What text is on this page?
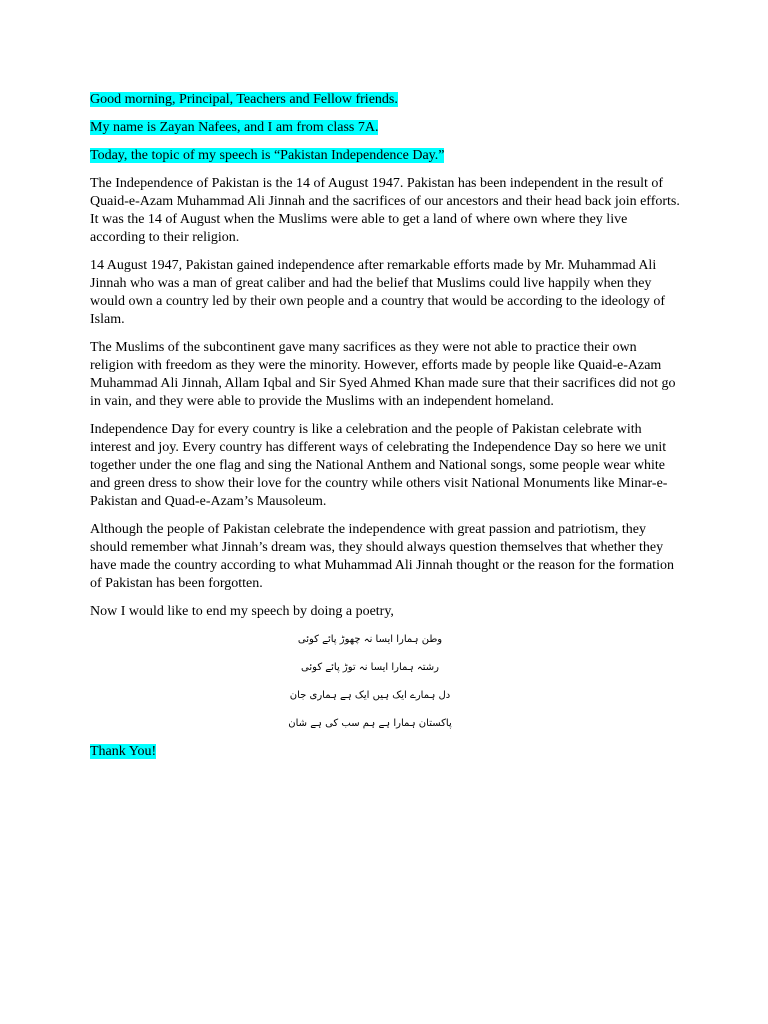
Good morning, Principal, Teachers and Fellow friends.

My name is Zayan Nafees, and I am from class 7A.

Today, the topic of my speech is “Pakistan Independence Day.”

The Independence of Pakistan is the 14 of August 1947. Pakistan has been independent in the result of Quaid-e-Azam Muhammad Ali Jinnah and the sacrifices of our ancestors and their head back join efforts. It was the 14 of August when the Muslims were able to get a land of where own where they live according to their religion.

14 August 1947, Pakistan gained independence after remarkable efforts made by Mr. Muhammad Ali Jinnah who was a man of great caliber and had the belief that Muslims could live happily when they would own a country led by their own people and a country that would be according to the ideology of Islam.

The Muslims of the subcontinent gave many sacrifices as they were not able to practice their own religion with freedom as they were the minority. However, efforts made by people like Quaid-e-Azam Muhammad Ali Jinnah, Allam Iqbal and Sir Syed Ahmed Khan made sure that their sacrifices did not go in vain, and they were able to provide the Muslims with an independent homeland.

Independence Day for every country is like a celebration and the people of Pakistan celebrate with interest and joy. Every country has different ways of celebrating the Independence Day so here we unit together under the one flag and sing the National Anthem and National songs, some people wear white and green dress to show their love for the country while others visit National Monuments like Minar-e-Pakistan and Quad-e-Azam’s Mausoleum.

Although the people of Pakistan celebrate the independence with great passion and patriotism, they should remember what Jinnah’s dream was, they should always question themselves that whether they have made the country according to what Muhammad Ali Jinnah thought or the reason for the formation of Pakistan has been forgotten.

Now I would like to end my speech by doing a poetry,

وطن ہمارا ایسا نہ چھوڑ پائے کوئی
رشتہ ہمارا ایسا نہ توڑ پائے کوئی
دل ہمارے ایک ہیں ایک ہے ہماری جان
پاکستان ہمارا ہے ہم سب کی ہے شان

Thank You!
